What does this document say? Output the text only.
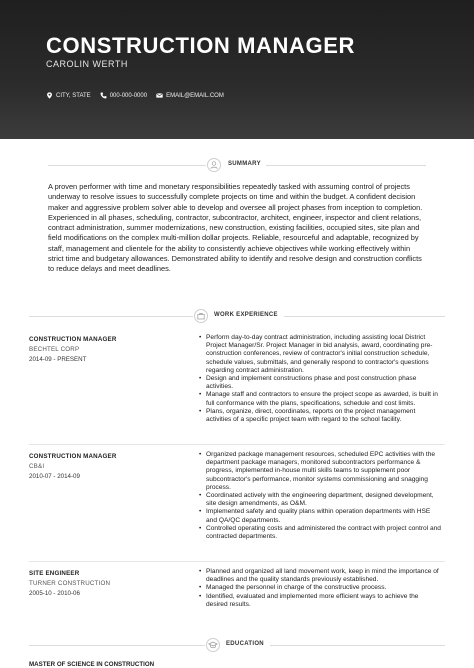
CONSTRUCTION MANAGER
CAROLIN WERTH
CITY, STATE	000-000-0000	EMAIL@EMAIL.COM
SUMMARY
A proven performer with time and monetary responsibilities repeatedly tasked with assuming control of projects underway to resolve issues to successfully complete projects on time and within the budget. A confident decision maker and aggressive problem solver able to develop and oversee all project phases from inception to completion. Experienced in all phases, scheduling, contractor, subcontractor, architect, engineer, inspector and client relations, contract administration, summer modernizations, new construction, existing facilities, occupied sites, site plan and field modifications on the complex multi-million dollar projects. Reliable, resourceful and adaptable, recognized by staff, management and clientele for the ability to consistently achieve objectives while working effectively within strict time and budgetary allowances. Demonstrated ability to identify and resolve design and construction conflicts to reduce delays and meet deadlines.
WORK EXPERIENCE
CONSTRUCTION MANAGER
BECHTEL CORP
2014-09 - PRESENT
• Perform day-to-day contract administration, including assisting local District Project Manager/Sr. Project Manager in bid analysis, award, coordinating pre-construction conferences, review of contractor's initial construction schedule, schedule values, submittals, and generally respond to contractor's questions regarding contract administration.
• Design and implement constructions phase and post construction phase activities.
• Manage staff and contractors to ensure the project scope as awarded, is built in full conformance with the plans, specifications, schedule and cost limits.
• Plans, organize, direct, coordinates, reports on the project management activities of a specific project team with regard to the school facility.
CONSTRUCTION MANAGER
CB&I
2010-07 - 2014-09
• Organized package management resources, scheduled EPC activities with the department package managers, monitored subcontractors performance & progress, implemented in-house multi skills teams to supplement poor subcontractor's performance, monitor systems commissioning and snagging process.
• Coordinated actively with the engineering department, designed development, site design amendments, as O&M.
• Implemented safety and quality plans within operation departments with HSE and QA/QC departments.
• Controlled operating costs and administered the contract with project control and contracted departments.
SITE ENGINEER
TURNER CONSTRUCTION
2005-10 - 2010-06
• Planned and organized all land movement work, keep in mind the importance of deadlines and the quality standards previously established.
• Managed the personnel in charge of the constructive process.
• Identified, evaluated and implemented more efficient ways to achieve the desired results.
EDUCATION
MASTER OF SCIENCE IN CONSTRUCTION
